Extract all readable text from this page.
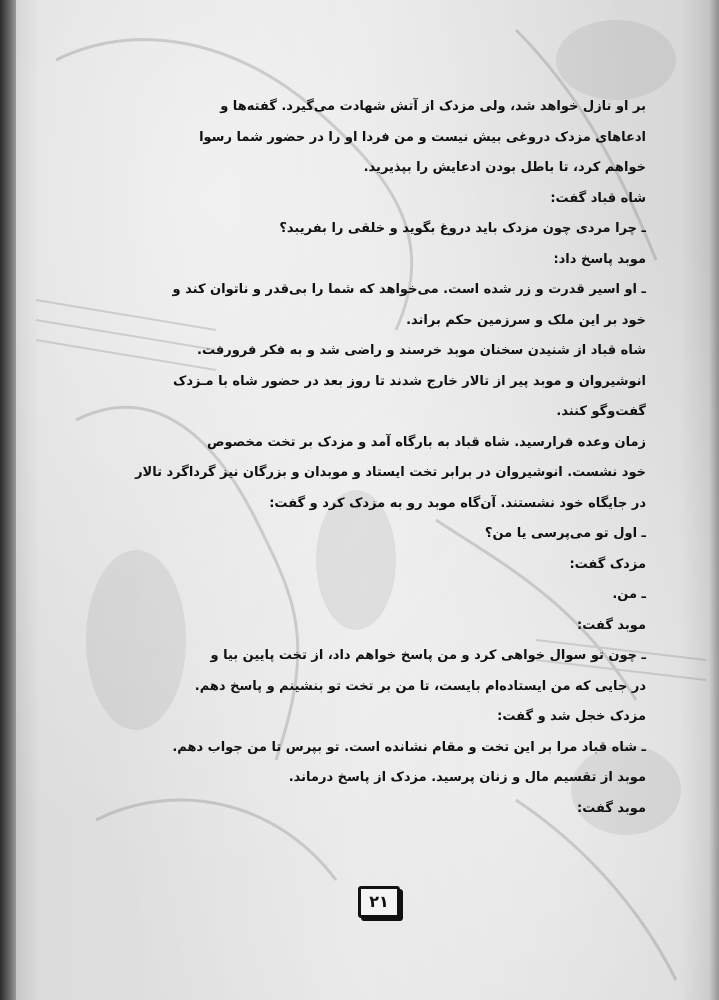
بر او نازل خواهد شد، ولی مزدک از آتش شهادت می‌گیرد. گفته‌ها و

ادعاهای مزدک دروغی بیش نیست و من فردا او را در حضور شما رسوا

خواهم کرد، تا باطل بودن ادعایش را بپذیرید.

شاه قباد گفت:

ـ چرا مردی چون مزدک باید دروغ بگوید و خلقی را بفریبد؟

موبد پاسخ داد:

ـ او اسیر قدرت و زر شده است. می‌خواهد که شما را بی‌قدر و ناتوان کند و

خود بر این ملک و سرزمین حکم براند.

شاه قباد از شنیدن سخنان موبد خرسند و راضی شد و به فکر فرورفت.

انوشیروان و موبد پیر از تالار خارج شدند تا روز بعد در حضور شاه با مـزدک

گفت‌وگو کنند.

زمان وعده فرارسید. شاه قباد به بارگاه آمد و مزدک بر تخت مخصوص

خود نشست. انوشیروان در برابر تخت ایستاد و موبدان و بزرگان نیز گرداگرد تالار

در جایگاه خود نشستند. آن‌گاه موبد رو به مزدک کرد و گفت:

ـ اول تو می‌پرسی یا من؟

مزدک گفت:

ـ من.

موبد گفت:

ـ چون تو سوال خواهی کرد و من پاسخ خواهم داد، از تخت پایین بیا و

در جایی که من ایستاده‌ام بایست، تا من بر تخت تو بنشینم و پاسخ دهم.

مزدک خجل شد و گفت:

ـ شاه قباد مرا بر این تخت و مقام نشانده است. تو بپرس تا من جواب دهم.

موبد از تقسیم مال و زنان پرسید. مزدک از پاسخ درماند.

موبد گفت:

۲۱
